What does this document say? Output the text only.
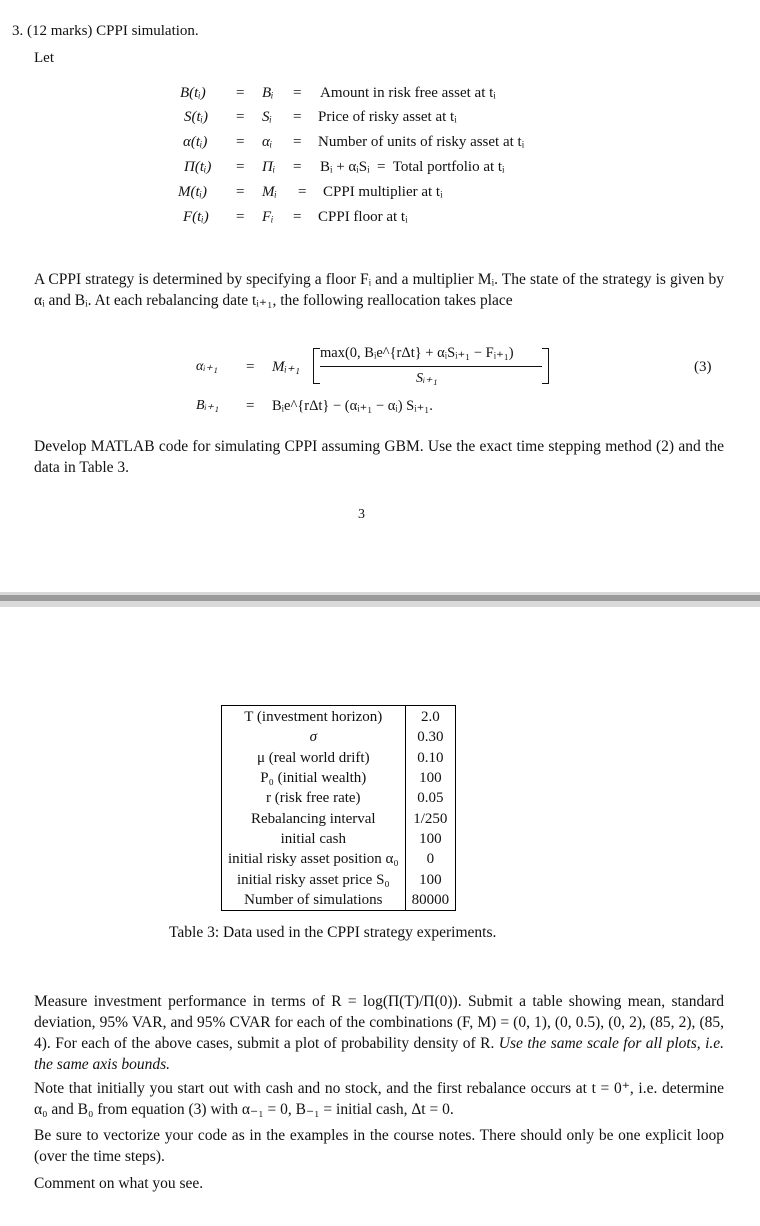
3. (12 marks) CPPI simulation.
Let
B(tᵢ) = Bᵢ = Amount in risk free asset at tᵢ
S(tᵢ) = Sᵢ = Price of risky asset at tᵢ
α(tᵢ) = αᵢ = Number of units of risky asset at tᵢ
Π(tᵢ) = Πᵢ = Bᵢ + αᵢSᵢ  =  Total portfolio at tᵢ
M(tᵢ) = Mᵢ = CPPI multiplier at tᵢ
F(tᵢ) = Fᵢ = CPPI floor at tᵢ
A CPPI strategy is determined by specifying a floor Fᵢ and a multiplier Mᵢ. The state of the strategy is given by αᵢ and Bᵢ. At each rebalancing date tᵢ₊₁, the following reallocation takes place
αᵢ₊₁ = Mᵢ₊₁
max(0, Bᵢe^{rΔt} + αᵢSᵢ₊₁ − Fᵢ₊₁)
Sᵢ₊₁
(3)
Bᵢ₊₁ = Bᵢe^{rΔt} − (αᵢ₊₁ − αᵢ) Sᵢ₊₁.
Develop MATLAB code for simulating CPPI assuming GBM. Use the exact time stepping method (2) and the data in Table 3.
3
T (investment horizon)	2.0
σ	0.30
μ (real world drift)	0.10
P₀ (initial wealth)	100
r (risk free rate)	0.05
Rebalancing interval	1/250
initial cash	100
initial risky asset position α₀	0
initial risky asset price S₀	100
Number of simulations	80000
Table 3: Data used in the CPPI strategy experiments.
Measure investment performance in terms of R = log(Π(T)/Π(0)). Submit a table showing mean, standard deviation, 95% VAR, and 95% CVAR for each of the combinations (F, M) = (0, 1), (0, 0.5), (0, 2), (85, 2), (85, 4). For each of the above cases, submit a plot of probability density of R. Use the same scale for all plots, i.e. the same axis bounds.
Note that initially you start out with cash and no stock, and the first rebalance occurs at t = 0⁺, i.e. determine α₀ and B₀ from equation (3) with α₋₁ = 0, B₋₁ = initial cash, Δt = 0.
Be sure to vectorize your code as in the examples in the course notes. There should only be one explicit loop (over the time steps).
Comment on what you see.
